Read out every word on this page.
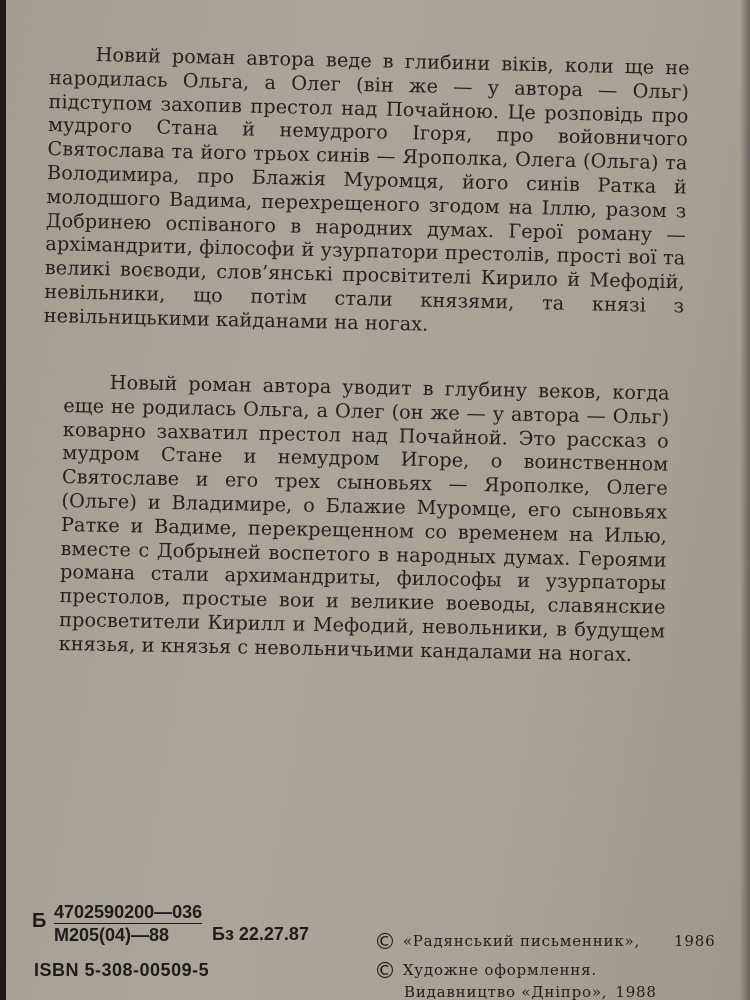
Новий роман автора веде в глибини віків, коли ще не народилась Ольга, а Олег (він же — у автора — Ольг) підступом захопив престол над Почайною. Це розповідь про мудрого Стана й немудрого Ігоря, про войовничого Святослава та його трьох синів — Ярополка, Олега (Ольга) та Володимира, про Блажія Муромця, його синів Ратка й молодшого Вадима, перехрещеного згодом на Іллю, разом з Добринею оспіваного в народних думах. Герої роману — архімандрити, філософи й узурпатори престолів, прості вої та великі воєводи, слов’янські просвітителі Кирило й Мефодій, невільники, що потім стали князями, та князі з невільницькими кайданами на ногах.

Новый роман автора уводит в глубину веков, когда еще не родилась Ольга, а Олег (он же — у автора — Ольг) коварно захватил престол над Почайной. Это рассказ о мудром Стане и немудром Игоре, о воинственном Святославе и его трех сыновьях — Ярополке, Олеге (Ольге) и Владимире, о Блажие Муромце, его сыновьях Ратке и Вадиме, перекрещенном со временем на Илью, вместе с Добрыней воспетого в народных думах. Героями романа стали архимандриты, философы и узурпаторы престолов, простые вои и великие воеводы, славянские просветители Кирилл и Мефодий, невольники, в будущем князья, и князья с невольничьими кандалами на ногах.

Б 4702590200—036
М205(04)—88	Бз 22.27.87
ISBN 5-308-00509-5
© «Радянський письменник», 1986
© Художне оформлення.
Видавництво «Дніпро», 1988
